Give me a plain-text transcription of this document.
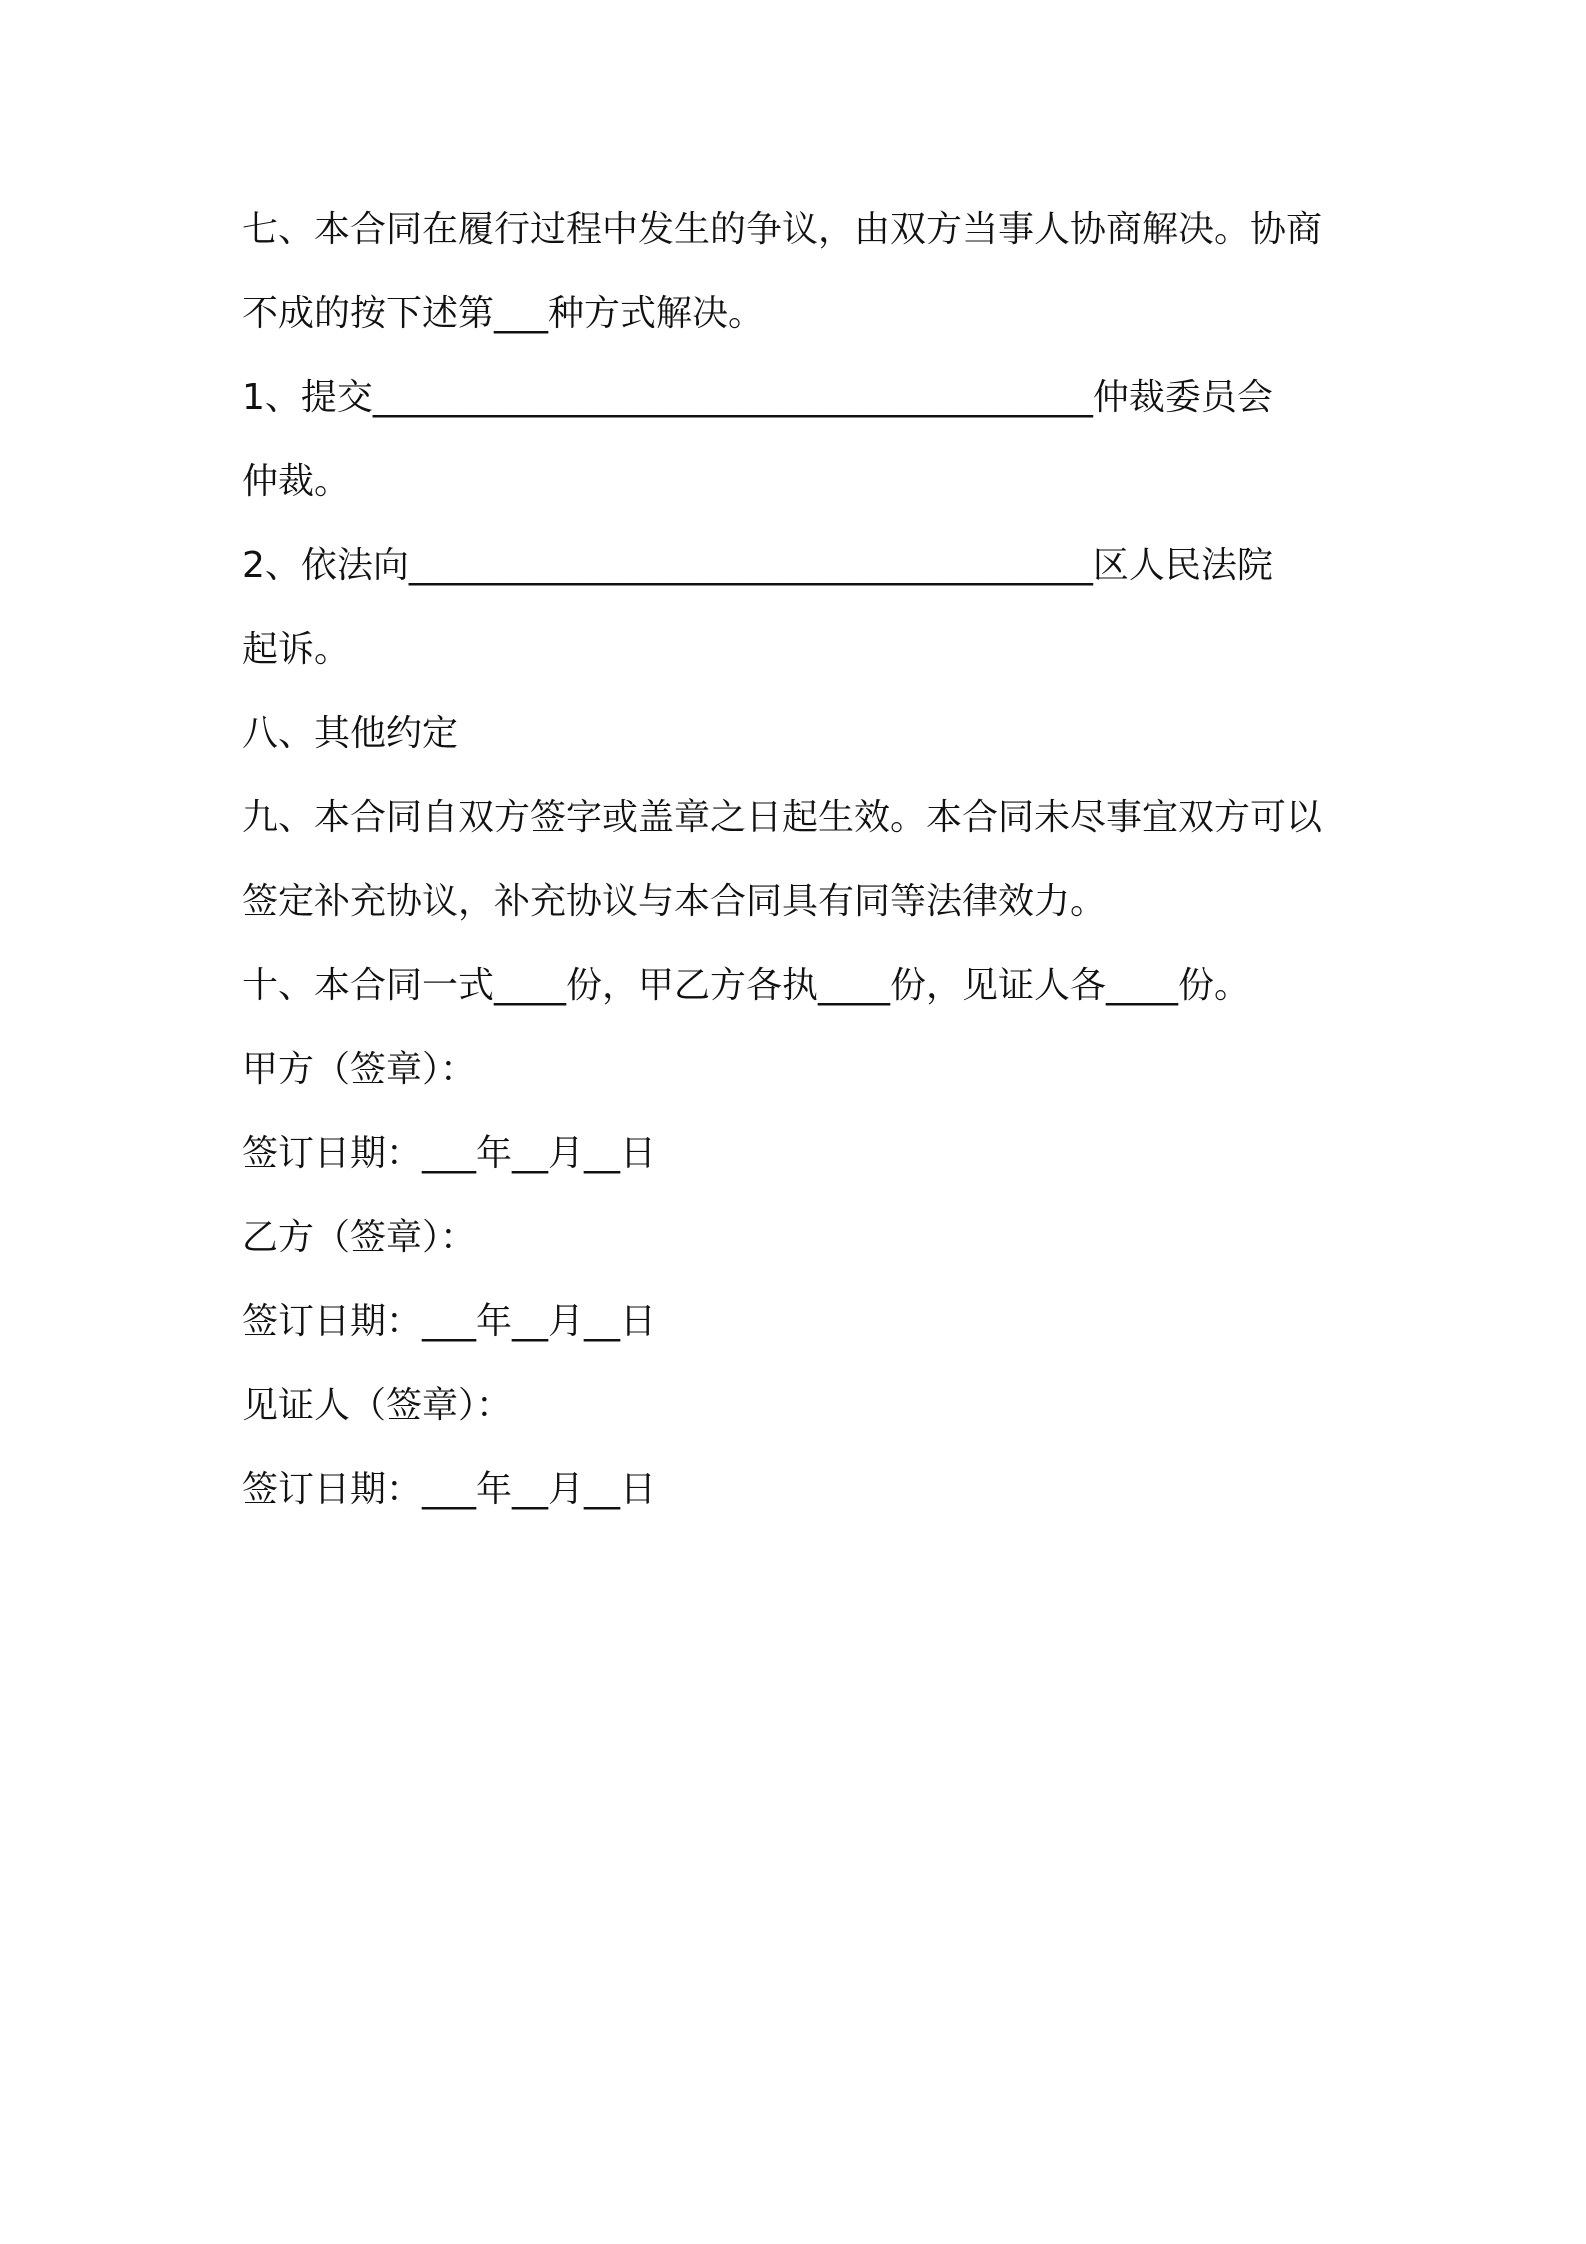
七、本合同在履行过程中发生的争议，由双方当事人协商解决。协商
不成的按下述第___种方式解决。
1、提交________________________________________仲裁委员会
仲裁。
2、依法向______________________________________区人民法院
起诉。
八、其他约定
九、本合同自双方签字或盖章之日起生效。本合同未尽事宜双方可以
签定补充协议，补充协议与本合同具有同等法律效力。
十、本合同一式____份，甲乙方各执____份，见证人各____份。
甲方（签章）：
签订日期：___年__月__日
乙方（签章）：
签订日期：___年__月__日
见证人（签章）：
签订日期：___年__月__日
